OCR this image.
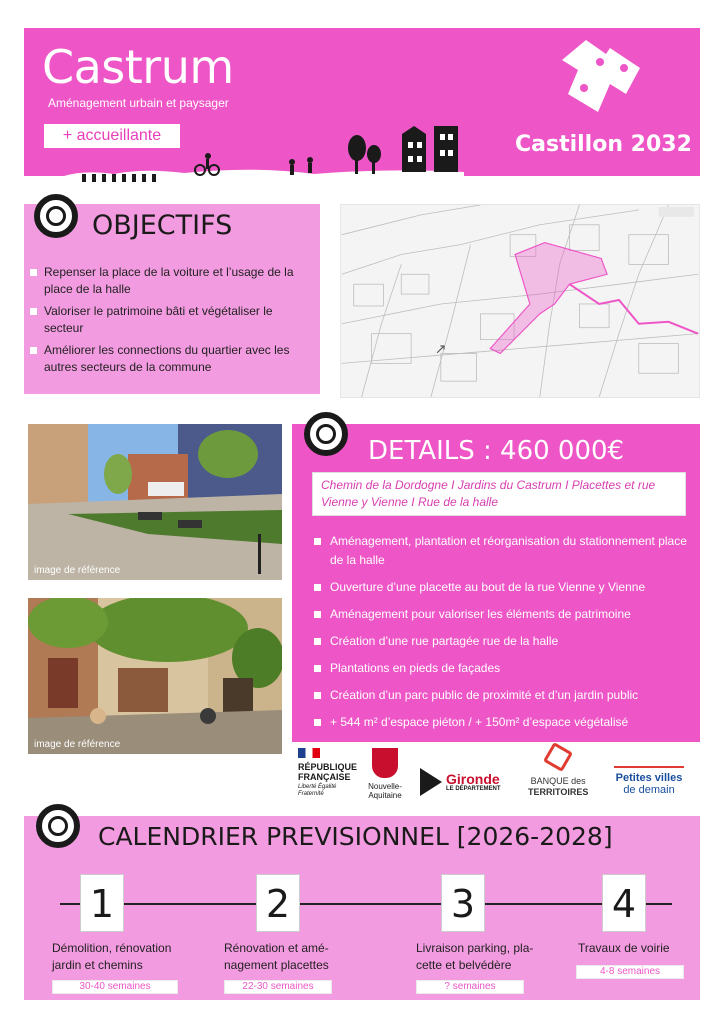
Castrum
Aménagement urbain et paysager
+ accueillante	Castillon 2032
OBJECTIFS
Repenser la place de la voiture et l’usage de la place de la halle
Valoriser le patrimoine bâti et végétaliser le secteur
Améliorer les connections du quartier avec les autres secteurs de la commune
↗
image de référence
image de référence
DETAILS : 460 000€
Chemin de la Dordogne I Jardins du Castrum I Placettes et rue Vienne y Vienne I Rue de la halle
Aménagement, plantation et réorganisation du stationnement place de la halle
Ouverture d’une placette au bout de la rue Vienne y Vienne
Aménagement pour valoriser les éléments de patrimoine
Création d’une rue partagée rue de la halle
Plantations en pieds de façades
Création d’un parc public de proximité et d’un jardin public
+ 544 m² d’espace piéton / + 150m² d’espace végétalisé
RÉPUBLIQUE
FRANÇAISE
Liberté Égalité Fraternité
Nouvelle-Aquitaine
Gironde
LE DÉPARTEMENT
BANQUE des
TERRITOIRES
Petites villes
de demain
CALENDRIER PREVISIONNEL [2026-2028]
1
Démolition, rénovation jardin et chemins
30-40 semaines
2
Rénovation et amé- nagement placettes
22-30 semaines
3
Livraison parking, pla- cette et belvédère
? semaines
4
Travaux de voirie
4-8 semaines
